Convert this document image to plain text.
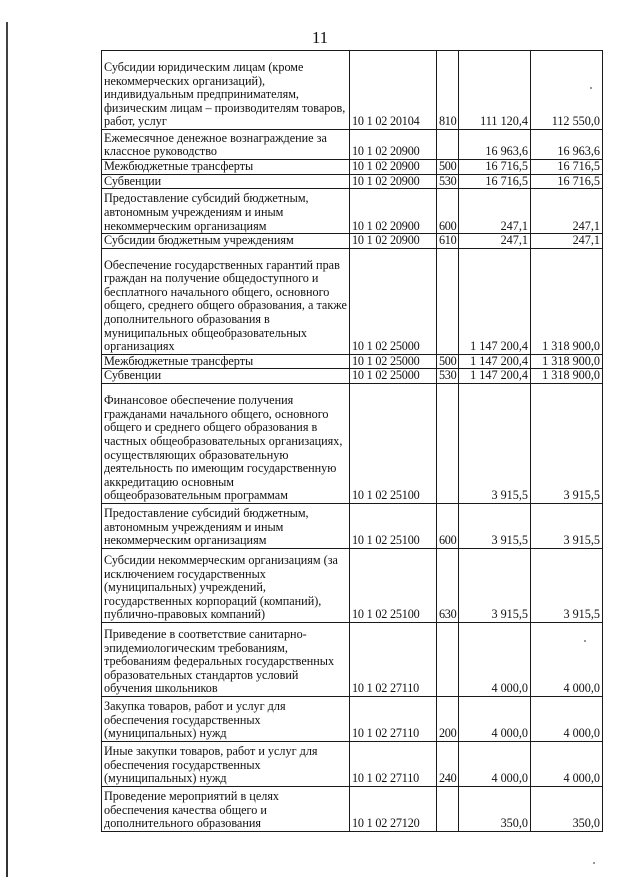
11
Субсидии юридическим лицам (кроме некоммерческих организаций), индивидуальным предпринимателям, физическим лицам – производителям товаров, работ, услуг	10 1 02 20104	810	111 120,4	112 550,0

Ежемесячное денежное вознаграждение за классное руководство	10 1 02 20900		16 963,6	16 963,6

Межбюджетные трансферты	10 1 02 20900	500	16 716,5	16 716,5

Субвенции	10 1 02 20900	530	16 716,5	16 716,5

Предоставление субсидий бюджетным, автономным учреждениям и иным некоммерческим организациям	10 1 02 20900	600	247,1	247,1

Субсидии бюджетным учреждениям	10 1 02 20900	610	247,1	247,1

Обеспечение государственных гарантий прав граждан на получение общедоступного и бесплатного начального общего, основного общего, среднего общего образования, а также дополнительного образования в муниципальных общеобразовательных организациях	10 1 02 25000		1 147 200,4	1 318 900,0

Межбюджетные трансферты	10 1 02 25000	500	1 147 200,4	1 318 900,0

Субвенции	10 1 02 25000	530	1 147 200,4	1 318 900,0

Финансовое обеспечение получения гражданами начального общего, основного общего и среднего общего образования в частных общеобразовательных организациях, осуществляющих образовательную деятельность по имеющим государственную аккредитацию основным общеобразовательным программам	10 1 02 25100		3 915,5	3 915,5

Предоставление субсидий бюджетным, автономным учреждениям и иным некоммерческим организациям	10 1 02 25100	600	3 915,5	3 915,5

Субсидии некоммерческим организациям (за исключением государственных (муниципальных) учреждений, государственных корпораций (компаний), публично-правовых компаний)	10 1 02 25100	630	3 915,5	3 915,5

Приведение в соответствие санитарно-эпидемиологическим требованиям, требованиям федеральных государственных образовательных стандартов условий обучения школьников	10 1 02 27110		4 000,0	4 000,0

Закупка товаров, работ и услуг для обеспечения государственных (муниципальных) нужд	10 1 02 27110	200	4 000,0	4 000,0

Иные закупки товаров, работ и услуг для обеспечения государственных (муниципальных) нужд	10 1 02 27110	240	4 000,0	4 000,0

Проведение мероприятий в целях обеспечения качества общего и дополнительного образования	10 1 02 27120		350,0	350,0
